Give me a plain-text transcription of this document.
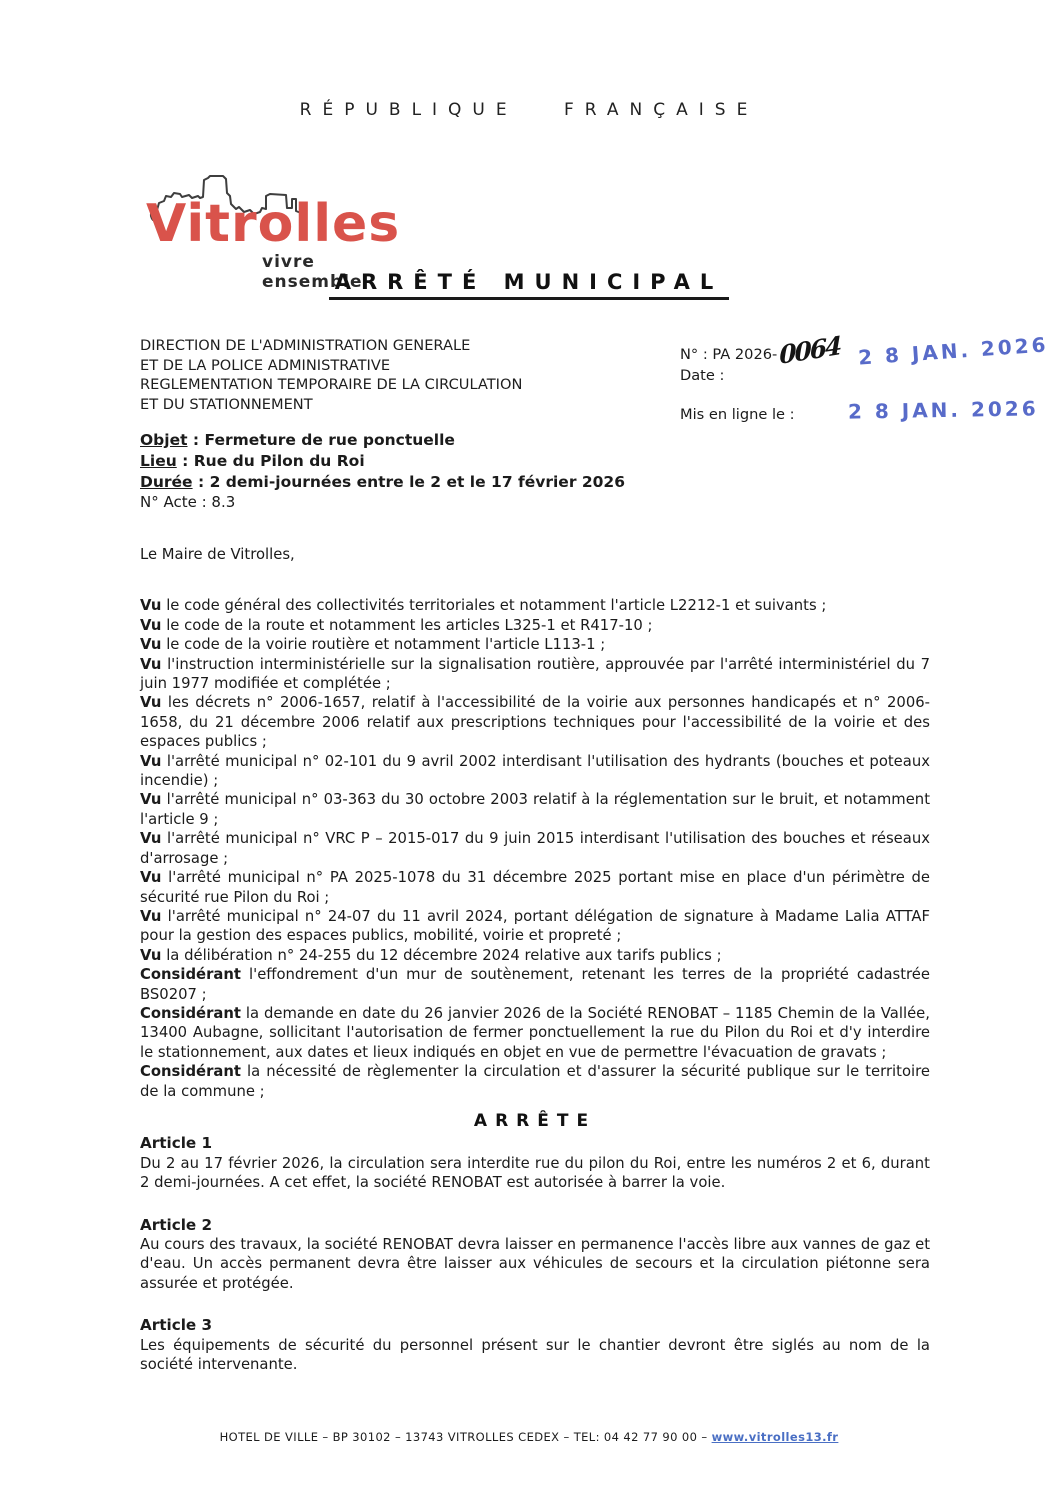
RÉPUBLIQUE FRANÇAISE
Vitrolles
vivre ensemble
ARRÊTÉ MUNICIPAL
DIRECTION DE L'ADMINISTRATION GENERALE
ET DE LA POLICE ADMINISTRATIVE
REGLEMENTATION TEMPORAIRE DE LA CIRCULATION
ET DU STATIONNEMENT
N° : PA 2026-0064
Date :
2 8 JAN. 2026
Mis en ligne le :	2 8 JAN. 2026
Objet : Fermeture de rue ponctuelle
Lieu : Rue du Pilon du Roi
Durée : 2 demi-journées entre le 2 et le 17 février 2026
N° Acte : 8.3

Le Maire de Vitrolles,

Vu le code général des collectivités territoriales et notamment l'article L2212-1 et suivants ;

Vu le code de la route et notamment les articles L325-1 et R417-10 ;

Vu le code de la voirie routière et notamment l'article L113-1 ;

Vu l'instruction interministérielle sur la signalisation routière, approuvée par l'arrêté interministériel du 7 juin 1977 modifiée et complétée ;

Vu les décrets n° 2006-1657, relatif à l'accessibilité de la voirie aux personnes handicapés et n° 2006-1658, du 21 décembre 2006 relatif aux prescriptions techniques pour l'accessibilité de la voirie et des espaces publics ;

Vu l'arrêté municipal n° 02-101 du 9 avril 2002 interdisant l'utilisation des hydrants (bouches et poteaux incendie) ;

Vu l'arrêté municipal n° 03-363 du 30 octobre 2003 relatif à la réglementation sur le bruit, et notamment l'article 9 ;

Vu l'arrêté municipal n° VRC P – 2015-017 du 9 juin 2015 interdisant l'utilisation des bouches et réseaux d'arrosage ;

Vu l'arrêté municipal n° PA 2025-1078 du 31 décembre 2025 portant mise en place d'un périmètre de sécurité rue Pilon du Roi ;

Vu l'arrêté municipal n° 24-07 du 11 avril 2024, portant délégation de signature à Madame Lalia ATTAF pour la gestion des espaces publics, mobilité, voirie et propreté ;

Vu la délibération n° 24-255 du 12 décembre 2024 relative aux tarifs publics ;

Considérant l'effondrement d'un mur de soutènement, retenant les terres de la propriété cadastrée BS0207 ;

Considérant la demande en date du 26 janvier 2026 de la Société RENOBAT – 1185 Chemin de la Vallée, 13400 Aubagne, sollicitant l'autorisation de fermer ponctuellement la rue du Pilon du Roi et d'y interdire le stationnement, aux dates et lieux indiqués en objet en vue de permettre l'évacuation de gravats ;

Considérant la nécessité de règlementer la circulation et d'assurer la sécurité publique sur le territoire de la commune ;

ARRÊTE
Article 1
Du 2 au 17 février 2026, la circulation sera interdite rue du pilon du Roi, entre les numéros 2 et 6, durant 2 demi-journées. A cet effet, la société RENOBAT est autorisée à barrer la voie.
Article 2
Au cours des travaux, la société RENOBAT devra laisser en permanence l'accès libre aux vannes de gaz et d'eau. Un accès permanent devra être laisser aux véhicules de secours et la circulation piétonne sera assurée et protégée.
Article 3
Les équipements de sécurité du personnel présent sur le chantier devront être siglés au nom de la société intervenante.
HOTEL DE VILLE – BP 30102 – 13743 VITROLLES CEDEX – TEL: 04 42 77 90 00 – www.vitrolles13.fr
